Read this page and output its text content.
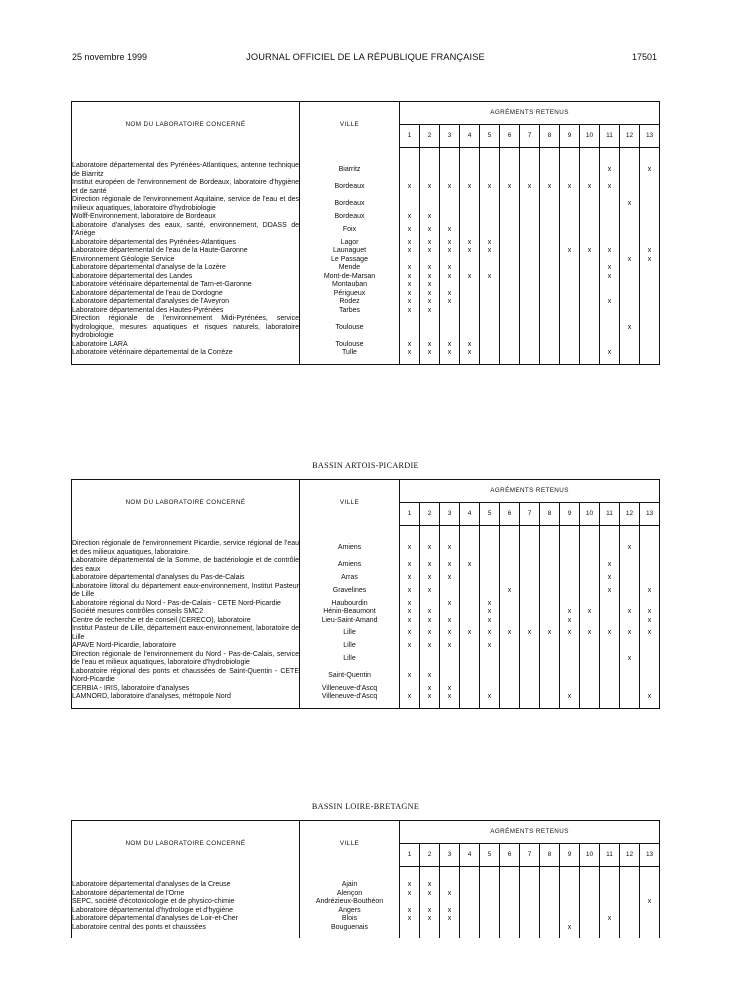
25 novembre 1999	JOURNAL OFFICIEL DE LA RÉPUBLIQUE FRANÇAISE	17501
NOM DU LABORATOIRE CONCERNÉ	VILLE	AGRÉMENTS RETENUS												
		1	2	3	4	5	6	7	8	9	10	11	12	13

Laboratoire départemental des Pyrénées-Atlantiques, antenne technique de Biarritz	Biarritz											x		x
Institut européen de l'environnement de Bordeaux, laboratoire d'hygiène et de santé	Bordeaux	x	x	x	x	x	x	x	x	x	x	x		
Direction régionale de l'environnement Aquitaine, service de l'eau et des milieux aquatiques, laboratoire d'hydrobiologie	Bordeaux												x	
Wolff-Environnement, laboratoire de Bordeaux	Bordeaux	x	x											
Laboratoire d'analyses des eaux, santé, environnement, DDASS de l'Ariège	Foix	x	x	x										
Laboratoire départemental des Pyrénées-Atlantiques	Lagor	x	x	x	x	x								
Laboratoire départemental de l'eau de la Haute-Garonne	Launaguet	x	x	x	x	x				x	x	x		x
Environnement Géologie Service	Le Passage												x	x
Laboratoire départemental d'analyse de la Lozère	Mende	x	x	x								x		
Laboratoire départemental des Landes	Mont-de-Marsan	x	x	x	x	x						x		
Laboratoire vétérinaire départemental de Tarn-et-Garonne	Montauban	x	x											
Laboratoire départemental de l'eau de Dordogne	Périgueux	x	x	x										
Laboratoire départemental d'analyses de l'Aveyron	Rodez	x	x	x								x		
Laboratoire départemental des Hautes-Pyrénées	Tarbes	x	x											
Direction régionale de l'environnement Midi-Pyrénées, service hydrologique, mesures aquatiques et risques naturels, laboratoire hydrobiologie	Toulouse												x	
Laboratoire LARA	Toulouse	x	x	x	x									
Laboratoire vétérinaire départemental de la Corrèze	Tulle	x	x	x	x							x		

BASSIN ARTOIS-PICARDIE
NOM DU LABORATOIRE CONCERNÉ	VILLE	AGRÉMENTS RETENUS												
		1	2	3	4	5	6	7	8	9	10	11	12	13

Direction régionale de l'environnement Picardie, service régional de l'eau et des milieux aquatiques, laboratoire.	Amiens	x	x	x									x	
Laboratoire départemental de la Somme, de bactériologie et de contrôle des eaux	Amiens	x	x	x	x							x		
Laboratoire départemental d'analyses du Pas-de-Calais	Arras	x	x	x								x		
Laboratoire littoral du département eaux-environnement, Institut Pasteur de Lille	Gravelines	x	x				x					x		x
Laboratoire régional du Nord - Pas-de-Calais - CETE Nord-Picardie	Haubourdin	x		x		x								
Société mesures contrôles conseils SMC2	Hénin-Beaumont	x	x			x				x	x		x	x
Centre de recherche et de conseil (CERECO), laboratoire	Lieu-Saint-Amand	x	x	x		x				x				x
Institut Pasteur de Lille, département eaux-environnement, laboratoire de Lille	Lille	x	x	x	x	x	x	x	x	x	x	x	x	x
APAVE Nord-Picardie, laboratoire	Lille	x	x	x		x								
Direction régionale de l'environnement du Nord - Pas-de-Calais, service de l'eau et milieux aquatiques, laboratoire d'hydrobiologie	Lille												x	
Laboratoire régional des ponts et chaussées de Saint-Quentin - CETE Nord-Picardie	Saint-Quentin	x	x											
CERBIA - IRIS, laboratoire d'analyses	Villeneuve-d'Ascq		x	x										
LAMNORD, laboratoire d'analyses, métropole Nord	Villeneuve-d'Ascq	x	x	x		x				x				x

BASSIN LOIRE-BRETAGNE
NOM DU LABORATOIRE CONCERNÉ	VILLE	AGRÉMENTS RETENUS												
		1	2	3	4	5	6	7	8	9	10	11	12	13

Laboratoire départemental d'analyses de la Creuse	Ajain	x	x											
Laboratoire départemental de l'Orne	Alençon	x	x	x										
SEPC, société d'écotoxicologie et de physico-chimie	Andrézieux-Bouthéon													x
Laboratoire départemental d'hydrologie et d'hygiène	Angers	x	x	x										
Laboratoire départemental d'analyses de Loir-et-Cher	Blois	x	x	x								x		
Laboratoire central des ponts et chaussées	Bouguenais									x				
